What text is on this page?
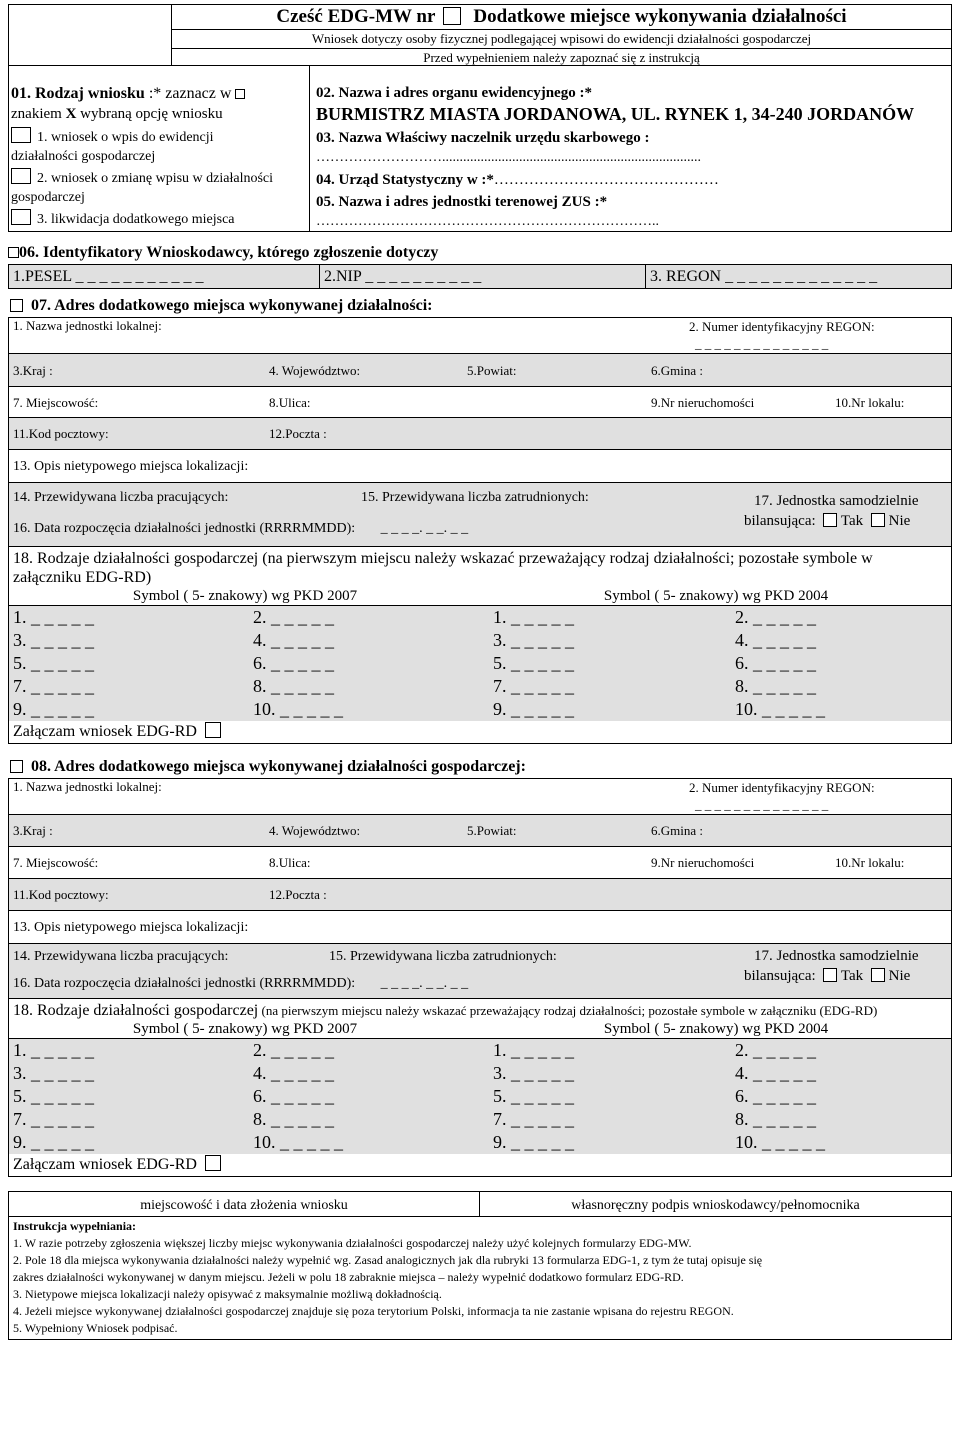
Cześć EDG-MW nr Dodatkowe miejsce wykonywania działalności
Wniosek dotyczy osoby fizycznej podlegającej wpisowi do ewidencji działalności gospodarczej
Przed wypełnieniem należy zapoznać się z instrukcją
01. Rodzaj wniosku :* zaznacz w
znakiem X wybraną opcję wniosku
1. wniosek o wpis do ewidencji
działalności gospodarczej
2. wniosek o zmianę wpisu w działalności
gospodarczej
3. likwidacja dodatkowego miejsca
02. Nazwa i adres organu ewidencyjnego :*
BURMISTRZ MIASTA JORDANOWA, UL. RYNEK 1, 34-240 JORDANÓW
03. Nazwa Właściwy naczelnik urzędu skarbowego :
………………………..........................................................................
04. Urząd Statystyczny w :*………………………………………
05. Nazwa i adres jednostki terenowej ZUS :*
………………………………………………………………..
06. Identyfikatory Wnioskodawcy, którego zgłoszenie dotyczy
1.PESEL _ _ _ _ _ _ _ _ _ _ _	2.NIP _ _ _ _ _ _ _ _ _ _	3. REGON _ _ _ _ _ _ _ _ _ _ _ _ _
07. Adres dodatkowego miejsca wykonywanej działalności:
1. Nazwa jednostki lokalnej:	2. Numer identyfikacyjny REGON:
_ _ _ _ _ _ _ _ _ _ _ _ _ _
3.Kraj :	4. Województwo:	5.Powiat:	6.Gmina :
7. Miejscowość:	8.Ulica:	9.Nr nieruchomości	10.Nr lokalu:
11.Kod pocztowy:	12.Poczta :
13. Opis nietypowego miejsca lokalizacji:
14. Przewidywana liczba pracujących:	15. Przewidywana liczba zatrudnionych:
16. Data rozpoczęcia działalności jednostki (RRRRMMDD): _ _ _ _. _ _. _ _
17. Jednostka samodzielnie
bilansująca: Tak Nie
18. Rodzaje działalności gospodarczej (na pierwszym miejscu należy wskazać przeważający rodzaj działalności; pozostałe symbole w załączniku EDG-RD)
Symbol ( 5- znakowy) wg PKD 2007	Symbol ( 5- znakowy) wg PKD 2004
1. _ _ _ _ _	2. _ _ _ _ _	1. _ _ _ _ _	2. _ _ _ _ _
3. _ _ _ _ _	4. _ _ _ _ _	3. _ _ _ _ _	4. _ _ _ _ _
5. _ _ _ _ _	6. _ _ _ _ _	5. _ _ _ _ _	6. _ _ _ _ _
7. _ _ _ _ _	8. _ _ _ _ _	7. _ _ _ _ _	8. _ _ _ _ _
9. _ _ _ _ _	10. _ _ _ _ _	9. _ _ _ _ _	10. _ _ _ _ _
Załączam wniosek EDG-RD
08. Adres dodatkowego miejsca wykonywanej działalności gospodarczej:
1. Nazwa jednostki lokalnej:	2. Numer identyfikacyjny REGON:
_ _ _ _ _ _ _ _ _ _ _ _ _ _
3.Kraj :	4. Województwo:	5.Powiat:	6.Gmina :
7. Miejscowość:	8.Ulica:	9.Nr nieruchomości	10.Nr lokalu:
11.Kod pocztowy:	12.Poczta :
13. Opis nietypowego miejsca lokalizacji:
14. Przewidywana liczba pracujących:	15. Przewidywana liczba zatrudnionych:
16. Data rozpoczęcia działalności jednostki (RRRRMMDD): _ _ _ _. _ _. _ _
17. Jednostka samodzielnie
bilansująca: Tak Nie
18. Rodzaje działalności gospodarczej (na pierwszym miejscu należy wskazać przeważający rodzaj działalności; pozostałe symbole w załączniku (EDG-RD)
Symbol ( 5- znakowy) wg PKD 2007	Symbol ( 5- znakowy) wg PKD 2004
1. _ _ _ _ _	2. _ _ _ _ _	1. _ _ _ _ _	2. _ _ _ _ _
3. _ _ _ _ _	4. _ _ _ _ _	3. _ _ _ _ _	4. _ _ _ _ _
5. _ _ _ _ _	6. _ _ _ _ _	5. _ _ _ _ _	6. _ _ _ _ _
7. _ _ _ _ _	8. _ _ _ _ _	7. _ _ _ _ _	8. _ _ _ _ _
9. _ _ _ _ _	10. _ _ _ _ _	9. _ _ _ _ _	10. _ _ _ _ _
Załączam wniosek EDG-RD
miejscowość i data złożenia wniosku	własnoręczny podpis wnioskodawcy/pełnomocnika
Instrukcja wypełniania:
1. W razie potrzeby zgłoszenia większej liczby miejsc wykonywania działalności gospodarczej należy użyć kolejnych formularzy EDG-MW.
2. Pole 18 dla miejsca wykonywania działalności należy wypełnić wg. Zasad analogicznych jak dla rubryki 13 formularza EDG-1, z tym że tutaj opisuje się
zakres działalności wykonywanej w danym miejscu. Jeżeli w polu 18 zabraknie miejsca – należy wypełnić dodatkowo formularz EDG-RD.
3. Nietypowe miejsca lokalizacji należy opisywać z maksymalnie możliwą dokładnością.
4. Jeżeli miejsce wykonywanej działalności gospodarczej znajduje się poza terytorium Polski, informacja ta nie zastanie wpisana do rejestru REGON.
5. Wypełniony Wniosek podpisać.
